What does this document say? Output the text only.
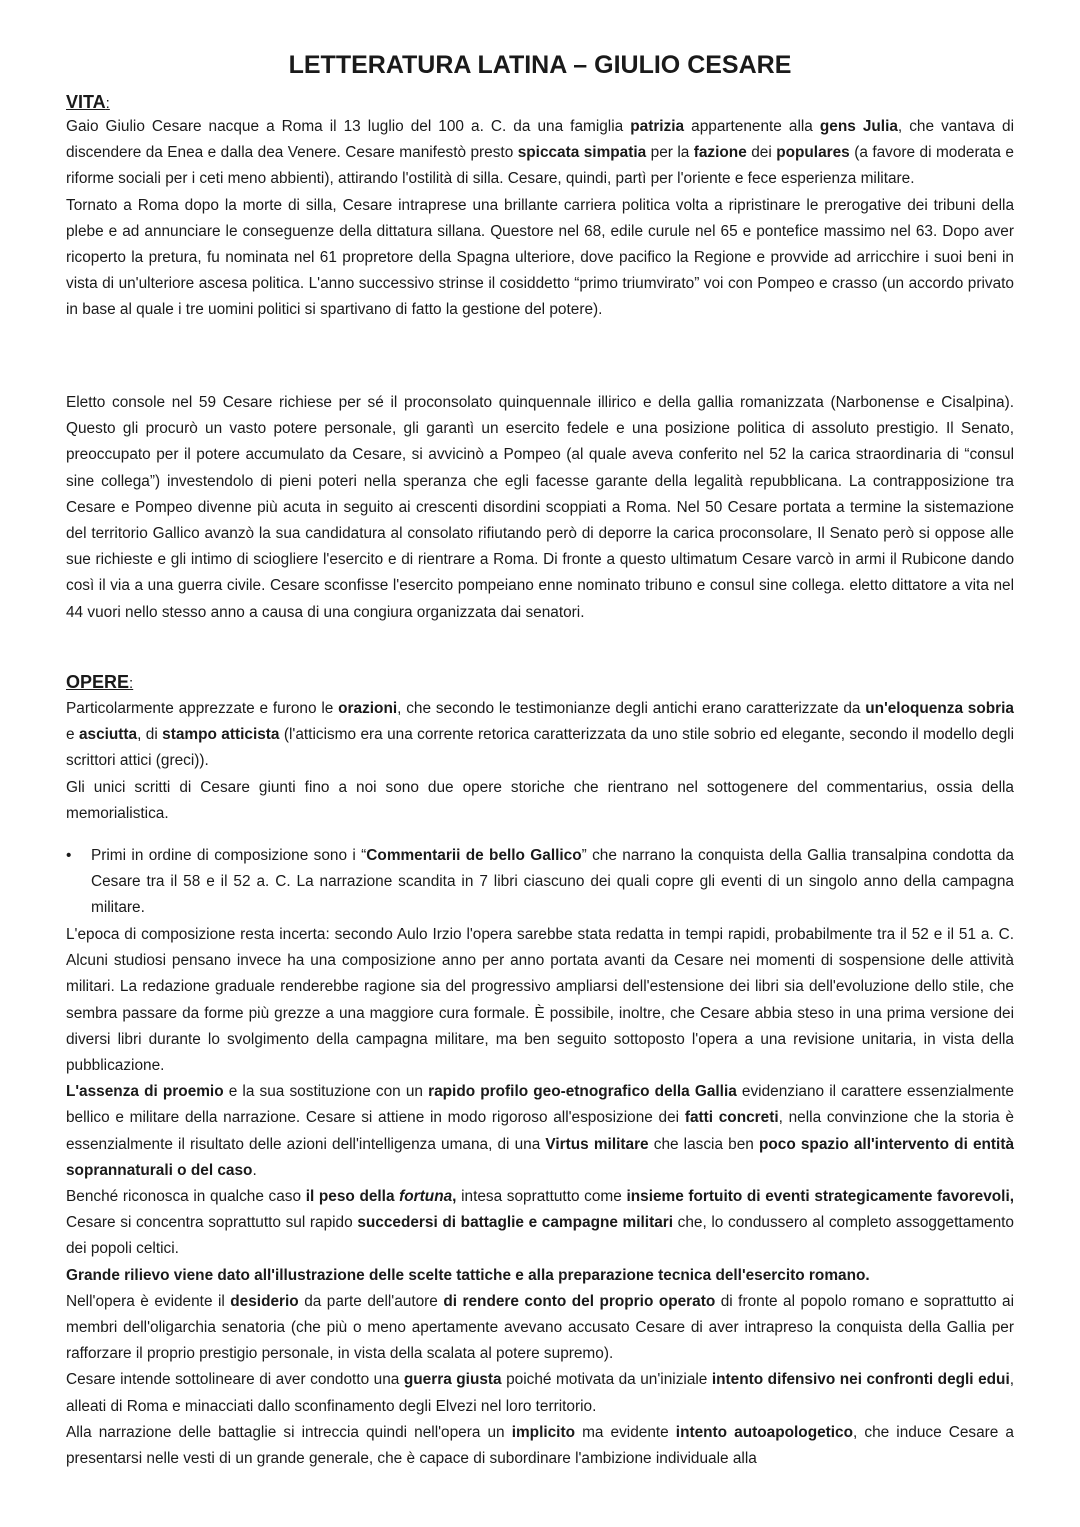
LETTERATURA LATINA – GIULIO CESARE
VITA:

Gaio Giulio Cesare nacque a Roma il 13 luglio del 100 a. C. da una famiglia patrizia appartenente alla gens Julia, che vantava di discendere da Enea e dalla dea Venere. Cesare manifestò presto spiccata simpatia per la fazione dei populares (a favore di moderata e riforme sociali per i ceti meno abbienti), attirando l'ostilità di silla. Cesare, quindi, partì per l'oriente e fece esperienza militare.

Tornato a Roma dopo la morte di silla, Cesare intraprese una brillante carriera politica volta a ripristinare le prerogative dei tribuni della plebe e ad annunciare le conseguenze della dittatura sillana. Questore nel 68, edile curule nel 65 e pontefice massimo nel 63. Dopo aver ricoperto la pretura, fu nominata nel 61 propretore della Spagna ulteriore, dove pacifico la Regione e provvide ad arricchire i suoi beni in vista di un'ulteriore ascesa politica. L'anno successivo strinse il cosiddetto “primo triumvirato” voi con Pompeo e crasso (un accordo privato in base al quale i tre uomini politici si spartivano di fatto la gestione del potere).

Eletto console nel 59 Cesare richiese per sé il proconsolato quinquennale illirico e della gallia romanizzata (Narbonense e Cisalpina). Questo gli procurò un vasto potere personale, gli garantì un esercito fedele e una posizione politica di assoluto prestigio. Il Senato, preoccupato per il potere accumulato da Cesare, si avvicinò a Pompeo (al quale aveva conferito nel 52 la carica straordinaria di “consul sine collega”) investendolo di pieni poteri nella speranza che egli facesse garante della legalità repubblicana. La contrapposizione tra Cesare e Pompeo divenne più acuta in seguito ai crescenti disordini scoppiati a Roma. Nel 50 Cesare portata a termine la sistemazione del territorio Gallico avanzò la sua candidatura al consolato rifiutando però di deporre la carica proconsolare, Il Senato però si oppose alle sue richieste e gli intimo di sciogliere l'esercito e di rientrare a Roma. Di fronte a questo ultimatum Cesare varcò in armi il Rubicone dando così il via a una guerra civile. Cesare sconfisse l'esercito pompeiano enne nominato tribuno e consul sine collega. eletto dittatore a vita nel 44 vuori nello stesso anno a causa di una congiura organizzata dai senatori.

OPERE:

Particolarmente apprezzate e furono le orazioni, che secondo le testimonianze degli antichi erano caratterizzate da un'eloquenza sobria e asciutta, di stampo atticista (l'atticismo era una corrente retorica caratterizzata da uno stile sobrio ed elegante, secondo il modello degli scrittori attici (greci)).

Gli unici scritti di Cesare giunti fino a noi sono due opere storiche che rientrano nel sottogenere del commentarius, ossia della memorialistica.

•	Primi in ordine di composizione sono i “Commentarii de bello Gallico” che narrano la conquista della Gallia transalpina condotta da Cesare tra il 58 e il 52 a. C. La narrazione scandita in 7 libri ciascuno dei quali copre gli eventi di un singolo anno della campagna militare.

L'epoca di composizione resta incerta: secondo Aulo Irzio l'opera sarebbe stata redatta in tempi rapidi, probabilmente tra il 52 e il 51 a. C. Alcuni studiosi pensano invece ha una composizione anno per anno portata avanti da Cesare nei momenti di sospensione delle attività militari. La redazione graduale renderebbe ragione sia del progressivo ampliarsi dell'estensione dei libri sia dell'evoluzione dello stile, che sembra passare da forme più grezze a una maggiore cura formale. È possibile, inoltre, che Cesare abbia steso in una prima versione dei diversi libri durante lo svolgimento della campagna militare, ma ben seguito sottoposto l'opera a una revisione unitaria, in vista della pubblicazione.

L'assenza di proemio e la sua sostituzione con un rapido profilo geo-etnografico della Gallia evidenziano il carattere essenzialmente bellico e militare della narrazione. Cesare si attiene in modo rigoroso all'esposizione dei fatti concreti, nella convinzione che la storia è essenzialmente il risultato delle azioni dell'intelligenza umana, di una Virtus militare che lascia ben poco spazio all'intervento di entità soprannaturali o del caso.

Benché riconosca in qualche caso il peso della fortuna, intesa soprattutto come insieme fortuito di eventi strategicamente favorevoli, Cesare si concentra soprattutto sul rapido succedersi di battaglie e campagne militari che, lo condussero al completo assoggettamento dei popoli celtici.

Grande rilievo viene dato all'illustrazione delle scelte tattiche e alla preparazione tecnica dell'esercito romano.

Nell'opera è evidente il desiderio da parte dell'autore di rendere conto del proprio operato di fronte al popolo romano e soprattutto ai membri dell'oligarchia senatoria (che più o meno apertamente avevano accusato Cesare di aver intrapreso la conquista della Gallia per rafforzare il proprio prestigio personale, in vista della scalata al potere supremo).

Cesare intende sottolineare di aver condotto una guerra giusta poiché motivata da un'iniziale intento difensivo nei confronti degli edui, alleati di Roma e minacciati dallo sconfinamento degli Elvezi nel loro territorio.

Alla narrazione delle battaglie si intreccia quindi nell'opera un implicito ma evidente intento autoapologetico, che induce Cesare a presentarsi nelle vesti di un grande generale, che è capace di subordinare l'ambizione individuale alla
